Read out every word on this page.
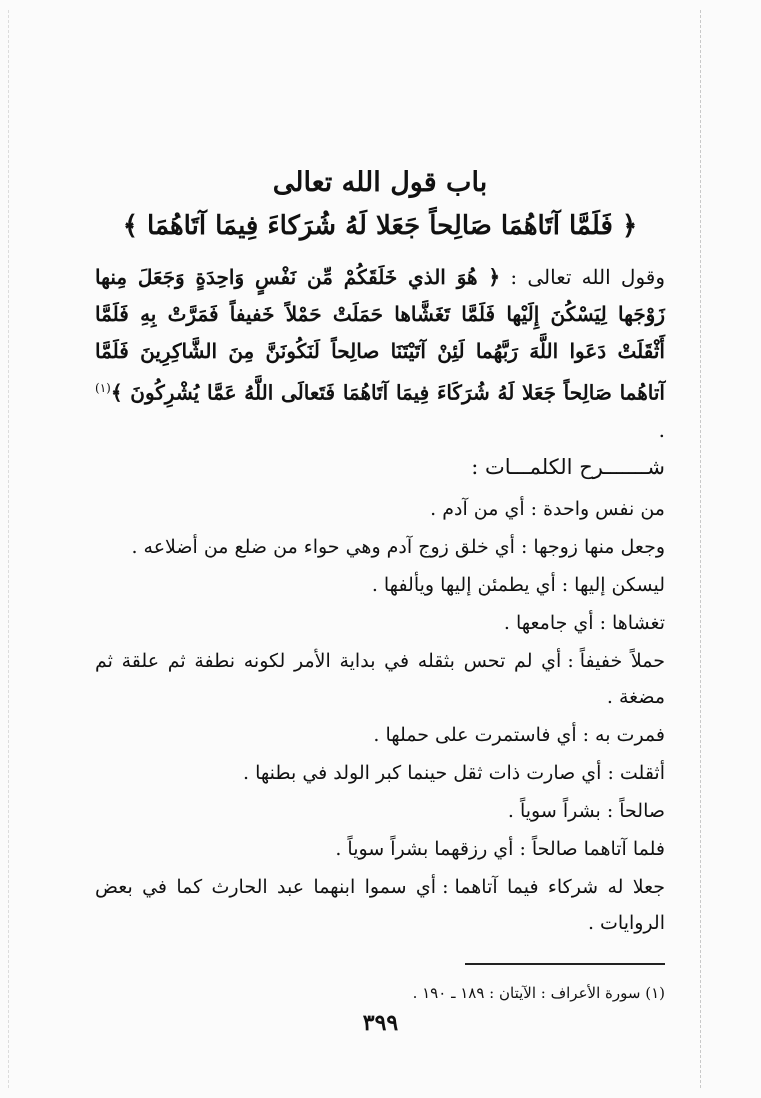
باب قول الله تعالى
﴿ فَلَمَّا آتَاهُمَا صَالِحاً جَعَلا لَهُ شُرَكاءَ فِيمَا آتَاهُمَا ﴾

وقول الله تعالى : ﴿ هُوَ الذي خَلَقَكُمْ مِّن نَفْسٍ وَاحِدَةٍ وَجَعَلَ مِنها زَوْجَها لِيَسْكُنَ إِلَيْها فَلَمَّا تَغَشَّاها حَمَلَتْ حَمْلاً خَفيفاً فَمَرَّتْ بِهِ فَلَمَّا أَثْقَلَتْ دَعَوا اللَّهَ رَبَّهُما لَئِنْ آتَيْتَنَا صالِحاً لَنَكُونَنَّ مِنَ الشَّاكِرِينَ فَلَمَّا آتاهُما صَالِحاً جَعَلا لَهُ شُرَكَاءَ فِيمَا آتَاهُمَا فَتَعالَى اللَّهُ عَمَّا يُشْرِكُونَ ﴾$^{(١)}$ .

شـــــــرح الكلمـــات :
من نفس واحدة:أي من آدم .
وجعل منها زوجها:أي خلق زوج آدم وهي حواء من ضلع من أضلاعه .
ليسكن إليها:أي يطمئن إليها ويألفها .
تغشاها:أي جامعها .
حملاً خفيفاً:أي لم تحس بثقله في بداية الأمر لكونه نطفة ثم علقة ثم مضغة .
فمرت به:أي فاستمرت على حملها .
أثقلت:أي صارت ذات ثقل حينما كبر الولد في بطنها .
صالحاً:بشراً سوياً .
فلما آتاهما صالحاً:أي رزقهما بشراً سوياً .
جعلا له شركاء فيما آتاهما:أي سموا ابنهما عبد الحارث كما في بعض الروايات .

(١) سورة الأعراف : الآيتان : ١٨٩ ـ ١٩٠ .

٣٩٩
